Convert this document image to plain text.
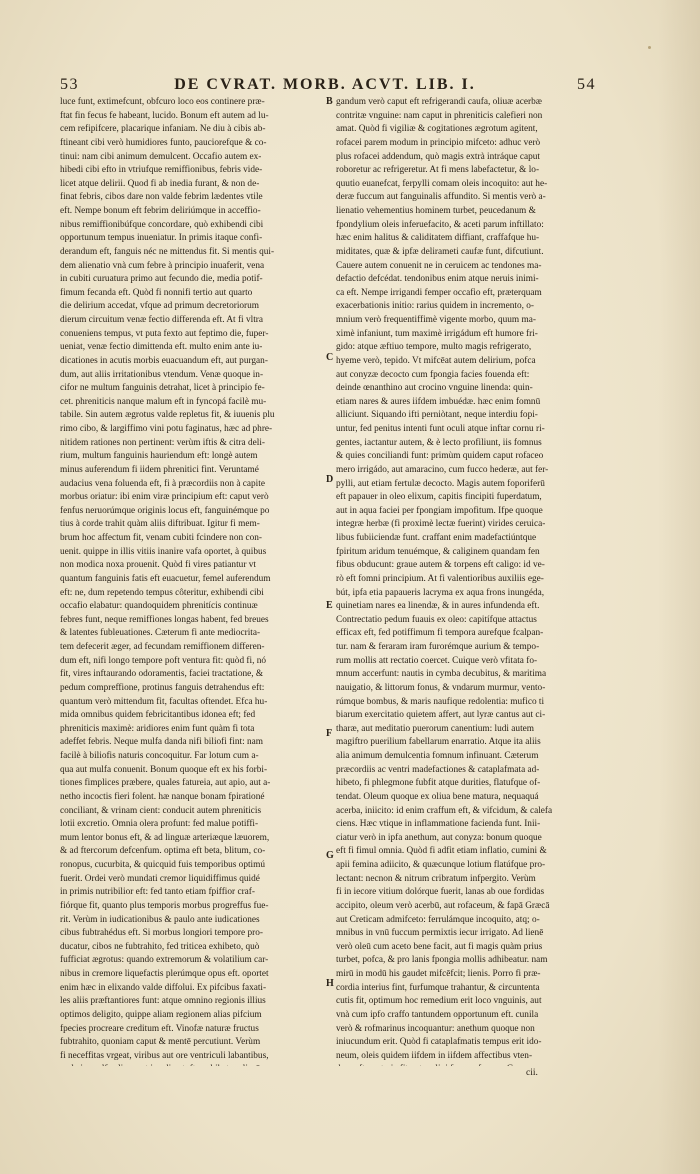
53	DE CVRAT. MORB. ACVT. LIB. I.	54
luce funt, extimefcunt, obfcuro loco eos continere præ-
ftat fin fecus fe habeant, lucido. Bonum eft autem ad lu-
cem refipifcere, placarique infaniam. Ne diu à cibis ab-
ftineant cibi verò humidiores funto, pauciorefque & co-
tinui: nam cibi animum demulcent. Occafio autem ex-
hibedi cibi efto in vtriufque remiffionibus, febris vide-
licet atque delirii. Quod fi ab inedia furant, & non de-
finat febris, cibos dare non valde febrim lædentes vtile
eft. Nempe bonum eft febrim deliriúmque in acceffio-
nibus remiffionibúfque concordare, quò exhibendi cibi
opportunum tempus inueniatur. In primis itaque confi-
derandum eft, fanguis néc ne mittendus fit. Si mentis qui-
dem alienatio vnà cum febre à principio inuaferit, vena
in cubiti curuatura primo aut fecundo die, media potif-
fimum fecanda eft. Quòd fi nonnifi tertio aut quarto
die delirium accedat, vfque ad primum decretoriorum
dierum circuitum venæ fectio differenda eft. At fi vltra
conueniens tempus, vt puta fexto aut feptimo die, fuper-
ueniat, venæ fectio dimittenda eft. multo enim ante iu-
dicationes in acutis morbis euacuandum eft, aut purgan-
dum, aut aliis irritationibus vtendum. Venæ quoque in-
cifor ne multum fanguinis detrahat, licet à principio fe-
cet. phreniticis nanque malum eft in fyncopá facilè mu-
tabile. Sin autem ægrotus valde repletus fit, & iuuenis plu
rimo cibo, & largiffimo vini potu faginatus, hæc ad phre-
nitidem rationes non pertinent: verùm iftis & citra deli-
rium, multum fanguinis hauriendum eft: longè autem
minus auferendum fi iidem phrenitici fint. Veruntamé
audacius vena foluenda eft, fi à præcordiis non à capite
morbus oriatur: ibi enim viræ principium eft: caput verò
fenfus neruorúmque originis locus eft, fanguinémque po
tius à corde trahit quàm aliis diftribuat. Igitur fi mem-
brum hoc affectum fit, venam cubiti fcindere non con-
uenit. quippe in illis vitiis inanire vafa oportet, à quibus
non modica noxa prouenit. Quòd fi vires patiantur vt
quantum fanguinis fatis eft euacuetur, femel auferendum
eft: ne, dum repetendo tempus côteritur, exhibendi cibi
occafio elabatur: quandoquidem phrenitícis continuæ
febres funt, neque remiffiones longas habent, fed breues
& latentes fubleuationes. Cæterum fi ante mediocrita-
tem defecerit æger, ad fecundam remiffionem differen-
dum eft, nifi longo tempore poft ventura fit: quòd fi, nó
fit, vires inftaurando odoramentis, faciei tractatione, &
pedum compreffione, protinus fanguis detrahendus eft:
quantum verò mittendum fit, facultas oftendet. Efca hu-
mida omnibus quidem febricitantibus idonea eft; fed
phreniticis maximè: aridiores enim funt quàm fi tota
adeffet febris. Neque mulfa danda nifi biliofi fint: nam
facilè à biliofis naturis concoquitur. Far lotum cum a-
qua aut mulfa conuenit. Bonum quoque eft ex his forbi-
tiones fimplices præbere, quales fatureia, aut apio, aut a-
netho incoctis fieri folent. hæ nanque bonam fpirationé
conciliant, & vrinam cient: conducit autem phreniticis
lotii excretio. Omnia olera profunt: fed malue potiffi-
mum lentor bonus eft, & ad linguæ arteriæque læuorem,
& ad ftercorum defcenfum. optima eft beta, blitum, co-
ronopus, cucurbita, & quicquid fuis temporibus optimú
fuerit. Ordei verò mundati cremor liquidiffimus quidé
in primis nutribilior eft: fed tanto etiam fpiffior craf-
fiórque fit, quanto plus temporis morbus progreffus fue-
rit. Verùm in iudicationibus & paulo ante iudicationes
cibus fubtrahédus eft. Si morbus longiori tempore pro-
ducatur, cibos ne fubtrahito, fed triticea exhibeto, quò
fufficiat ægrotus: quando extremorum & volatilium car-
nibus in cremore liquefactis plerúmque opus eft. oportet
enim hæc in elixando valde diffolui. Ex pifcibus faxati-
les aliis præftantiores funt: atque omnino regionis illius
optimos deligito, quippe aliam regionem alias pifcium
fpecies procreare creditum eft. Vinofæ naturæ fructus
fubtrahito, quoniam caput & mentē percutiunt. Verùm
fi neceffitas vrgeat, viribus aut ore ventriculi labantibus,
gandum verò caput eft refrigerandi caufa, oliuæ acerbæ
contritæ vnguine: nam caput in phreniticis calefieri non
amat. Quòd fi vigiliæ & cogitationes ægrotum agitent,
rofacei parem modum in principio mifceto: adhuc verò
plus rofacei addendum, quò magis extrà intráque caput
roboretur ac refrigeretur. At fi mens labefactetur, & lo-
quutio euanefcat, ferpylli comam oleis incoquito: aut he-
deræ fuccum aut fanguinalis affundito. Si mentis verò a-
lienatio vehementius hominem turbet, peucedanum &
fpondylium oleis inferuefacito, & aceti parum inftillato:
hæc enim halitus & caliditatem diffiant, craffafque hu-
miditates, quæ & ipfæ delirameti caufæ funt, difcutiunt.
Cauere autem conuenit ne in ceruicem ac tendones ma-
defactio defcédat. tendonibus enim atque neruis inimi-
ca eft. Nempe irrigandi femper occafio eft, præterquam
exacerbationis initio: rarius quidem in incremento, o-
mnium verò frequentiffimè vigente morbo, quum ma-
ximè infaniunt, tum maximè irrigádum eft humore fri-
gido: atque æftiuo tempore, multo magis refrigerato,
hyeme verò, tepido. Vt mifcēat autem delirium, pofca
aut conyzæ decocto cum fpongia facies fouenda eft:
deinde œnanthino aut crocino vnguine linenda: quin-
etiam nares & aures iifdem imbuédæ. hæc enim fomnū
alliciunt. Siquando ifti perniòtant, neque interdiu fopi-
untur, fed penitus intenti funt oculi atque inftar cornu ri-
gentes, iactantur autem, & è lecto profiliunt, iis fomnus
& quies conciliandi funt: primùm quidem caput rofaceo
mero irrigádo, aut amaracino, cum fucco hederæ, aut fer-
pylli, aut etiam fertulæ decocto. Magis autem foporiferū
eft papauer in oleo elixum, capitis fincipiti fuperdatum,
aut in aqua faciei per fpongiam impofitum. Ifpe quoque
integræ herbæ (fi proximè lectæ fuerint) virides ceruica-
libus fubiiciendæ funt. craffant enim madefactiúntque
fpiritum aridum tenuémque, & caliginem quandam fen
fibus obducunt: graue autem & torpens eft caligo: id ve-
rò eft fomni principium. At fi valentioribus auxiliis ege-
bút, ipfa etia papaueris lacryma ex aqua frons inungéda,
quinetiam nares ea linendæ, & in aures infundenda eft.
Contrectatio pedum fuauis ex oleo: capitífque attactus
efficax eft, fed potiffimum fi tempora aurefque fcalpan-
tur. nam & feraram iram furorémque aurium & tempo-
rum mollis att rectatio coercet. Cuique verò vfitata fo-
mnum accerfunt: nautis in cymba decubitus, & maritima
nauigatio, & littorum fonus, & vndarum murmur, vento-
rúmque bombus, & maris naufique redolentia: mufico ti
biarum exercitatio quietem affert, aut lyræ cantus aut ci-
tharæ, aut meditatio puerorum canentium: ludi autem
magiftro puerilium fabellarum enarratio. Atque ita aliis
alia animum demulcentia fomnum infinuant. Cæterum
præcordiis ac ventri madefactiones & cataplafmata ad-
hibeto, fi phlegmone fubfit atque durities, flatufque of-
tendat. Oleum quoque ex oliua bene matura, nequaquá
acerba, iniicito: id enim craffum eft, & vifcidum, & calefa
ciens. Hæc vtique in inflammatione facienda funt. Inii-
ciatur verò in ipfa anethum, aut conyza: bonum quoque
eft fi fimul omnia. Quòd fi adfit etiam inflatio, cumini &
apii femina adiicito, & quæcunque lotium flatúfque pro-
lectant: necnon & nitrum cribratum infpergito. Verùm
fi in iecore vitium dolórque fuerit, lanas ab oue fordidas
accipito, oleum verò acerbū, aut rofaceum, & fapā Græcā
aut Creticam admifceto: ferrulámque incoquito, atq; o-
mnibus in vnū fuccum permixtis iecur irrigato. Ad lienē
verò oleū cum aceto bene facit, aut fi magis quàm prius
turbet, pofca, & pro lanis fpongia mollis adhibeatur. nam
mirū in modū his gaudet mifcēfcit; lienis. Porro fi præ-
cordia interius fint, furfumque trahantur, & circuntenta
cutis fit, optimum hoc remedium erit loco vnguinis, aut
vnà cum ipfo craffo tantundem opportunum eft. cunila
verò & rofmarinus incoquantur: anethum quoque non
iniucundum erit. Quòd fi cataplafmatis tempus erit ido-
neum, oleis quidem iifdem in iifdem affectibus vten-
B
C
D
E
F
G
H
cii.
